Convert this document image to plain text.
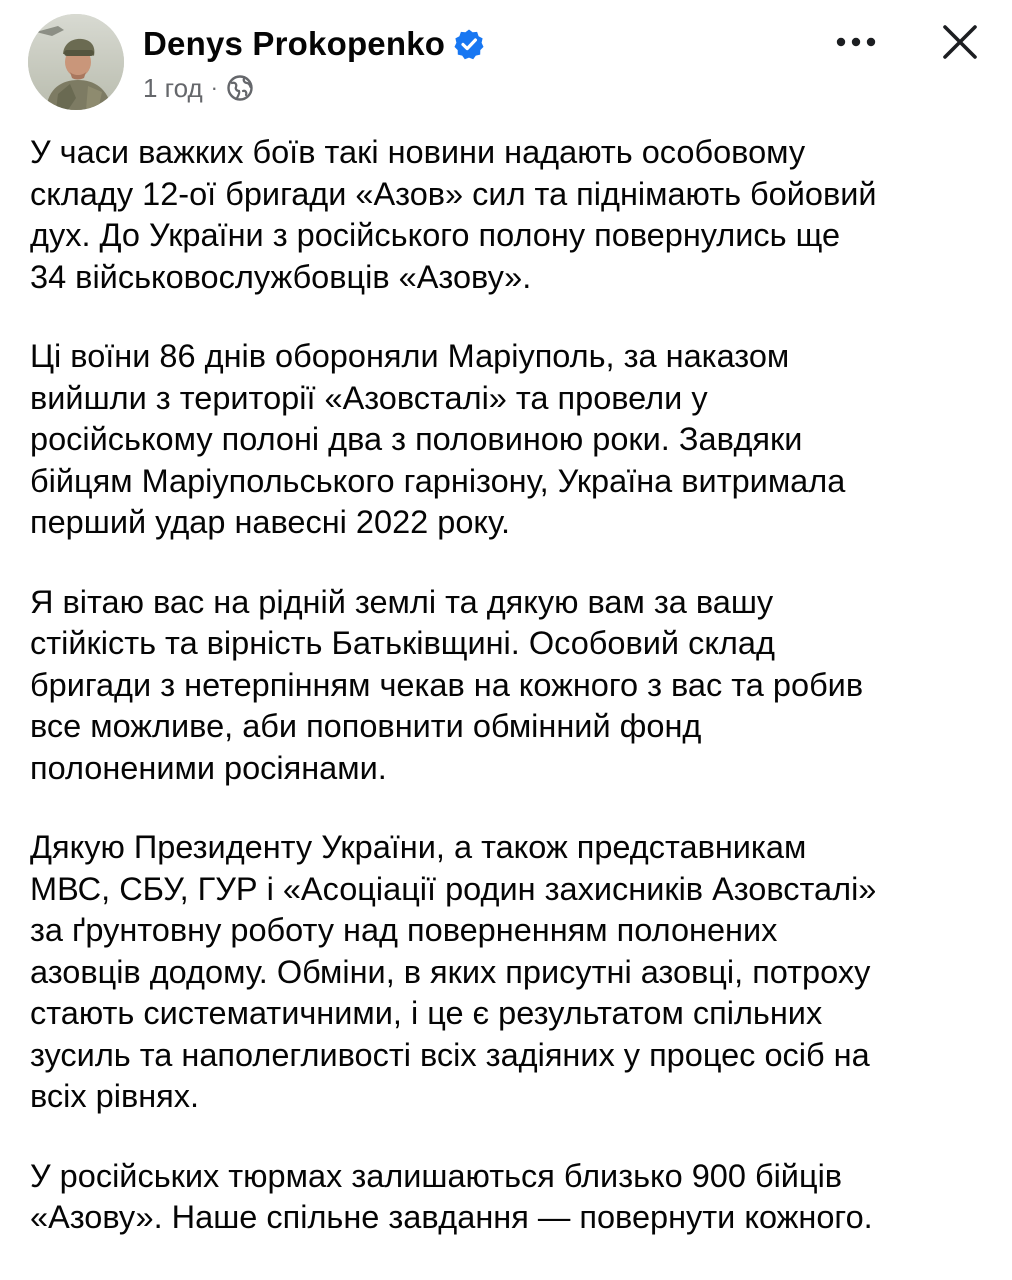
Denys Prokopenko
1 год ·

У часи важких боїв такі новини надають особовому
складу 12-ої бригади «Азов» сил та піднімають бойовий
дух. До України з російського полону повернулись ще
34 військовослужбовців «Азову».

Ці воїни 86 днів обороняли Маріуполь, за наказом
вийшли з території «Азовсталі» та провели у
російському полоні два з половиною роки. Завдяки
бійцям Маріупольського гарнізону, Україна витримала
перший удар навесні 2022 року.

Я вітаю вас на рідній землі та дякую вам за вашу
стійкість та вірність Батьківщині. Особовий склад
бригади з нетерпінням чекав на кожного з вас та робив
все можливе, аби поповнити обмінний фонд
полоненими росіянами.

Дякую Президенту України, а також представникам
МВС, СБУ, ГУР і «Асоціації родин захисників Азовсталі»
за ґрунтовну роботу над поверненням полонених
азовців додому. Обміни, в яких присутні азовці, потроху
стають систематичними, і це є результатом спільних
зусиль та наполегливості всіх задіяних у процес осіб на
всіх рівнях.

У російських тюрмах залишаються близько 900 бійців
«Азову». Наше спільне завдання — повернути кожного.
